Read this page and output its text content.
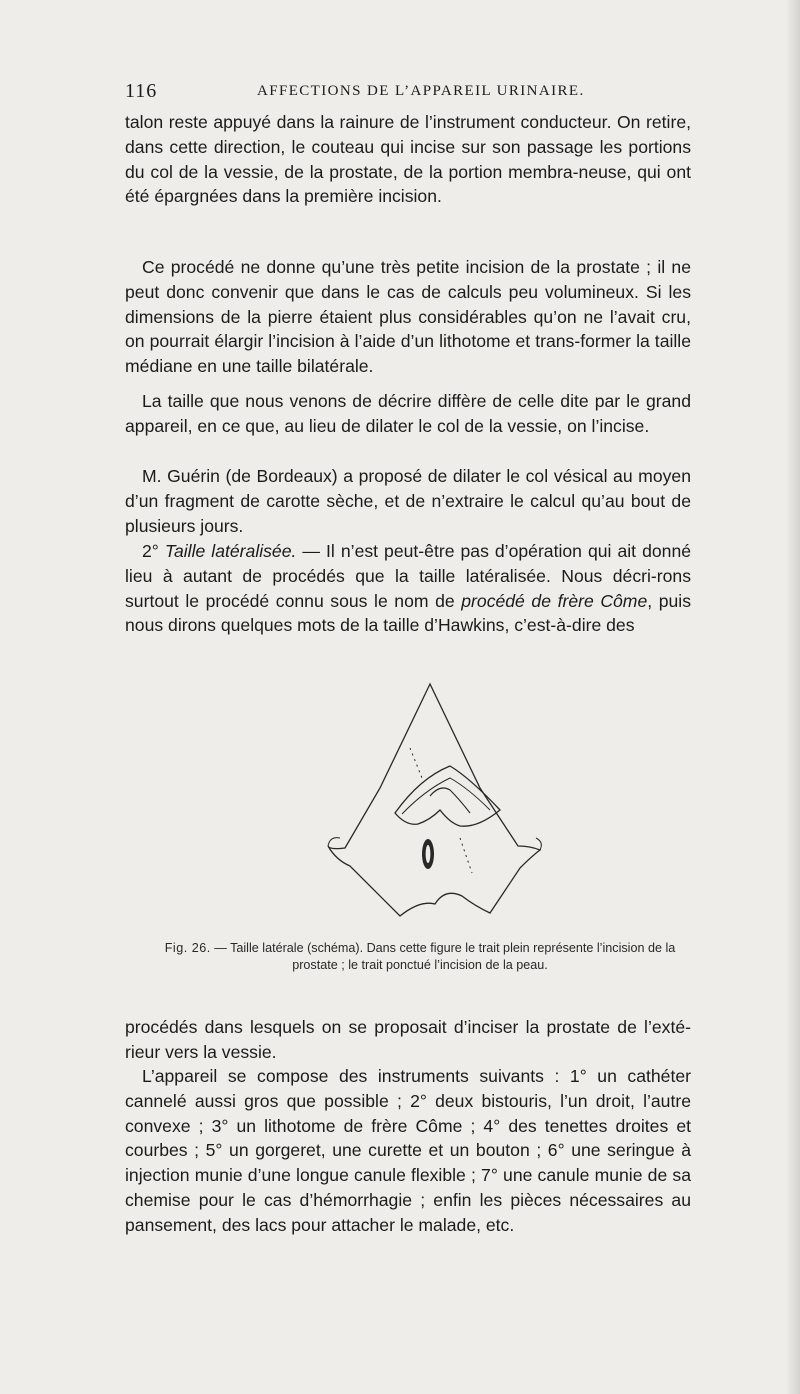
116	AFFECTIONS DE L’APPAREIL URINAIRE.

talon reste appuyé dans la rainure de l’instrument conducteur. On retire, dans cette direction, le couteau qui incise sur son passage les portions du col de la vessie, de la prostate, de la portion membra-neuse, qui ont été épargnées dans la première incision.

Ce procédé ne donne qu’une très petite incision de la prostate ; il ne peut donc convenir que dans le cas de calculs peu volumineux. Si les dimensions de la pierre étaient plus considérables qu’on ne l’avait cru, on pourrait élargir l’incision à l’aide d’un lithotome et trans-former la taille médiane en une taille bilatérale.

La taille que nous venons de décrire diffère de celle dite par le grand appareil, en ce que, au lieu de dilater le col de la vessie, on l’incise.

M. Guérin (de Bordeaux) a proposé de dilater le col vésical au moyen d’un fragment de carotte sèche, et de n’extraire le calcul qu’au bout de plusieurs jours.

2° Taille latéralisée. — Il n’est peut-être pas d’opération qui ait donné lieu à autant de procédés que la taille latéralisée. Nous décri-rons surtout le procédé connu sous le nom de procédé de frère Côme, puis nous dirons quelques mots de la taille d’Hawkins, c’est-à-dire des

Fig. 26. — Taille latérale (schéma). Dans cette figure le trait plein représente l’incision de la prostate ; le trait ponctué l’incision de la peau.

procédés dans lesquels on se proposait d’inciser la prostate de l’exté-rieur vers la vessie.

L’appareil se compose des instruments suivants : 1° un cathéter cannelé aussi gros que possible ; 2° deux bistouris, l’un droit, l’autre convexe ; 3° un lithotome de frère Côme ; 4° des tenettes droites et courbes ; 5° un gorgeret, une curette et un bouton ; 6° une seringue à injection munie d’une longue canule flexible ; 7° une canule munie de sa chemise pour le cas d’hémorrhagie ; enfin les pièces nécessaires au pansement, des lacs pour attacher le malade, etc.
